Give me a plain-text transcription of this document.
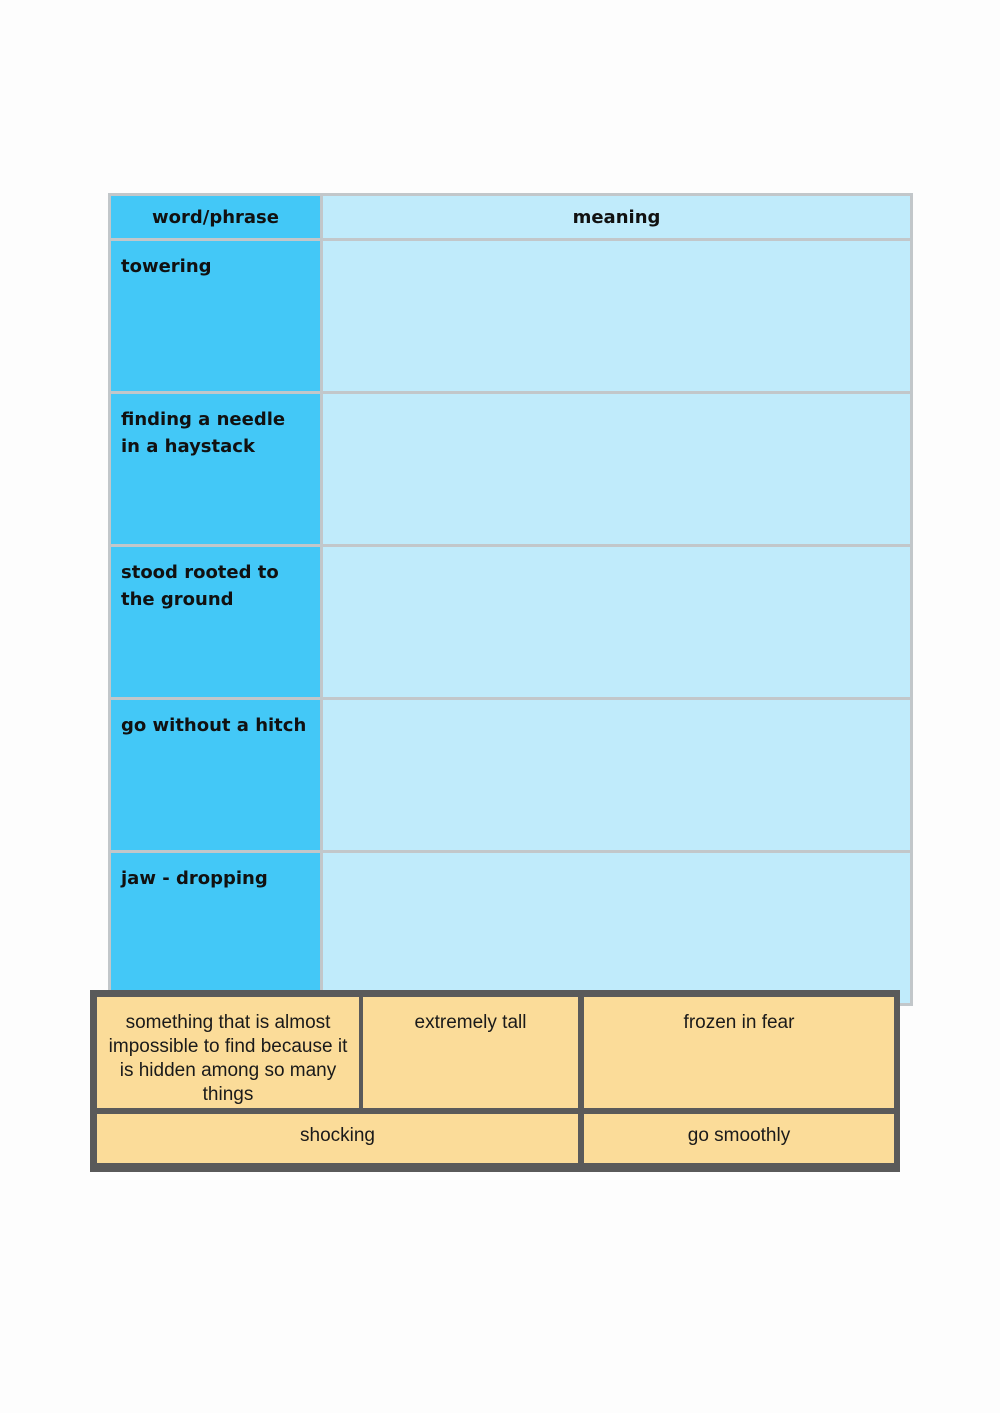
word/phrase	meaning
towering	
finding a needle in a haystack	
stood rooted to the ground	
go without a hitch	
jaw - dropping	
something that is almost impossible to find because it is hidden among so many things
extremely tall	frozen in fear
shocking	go smoothly
